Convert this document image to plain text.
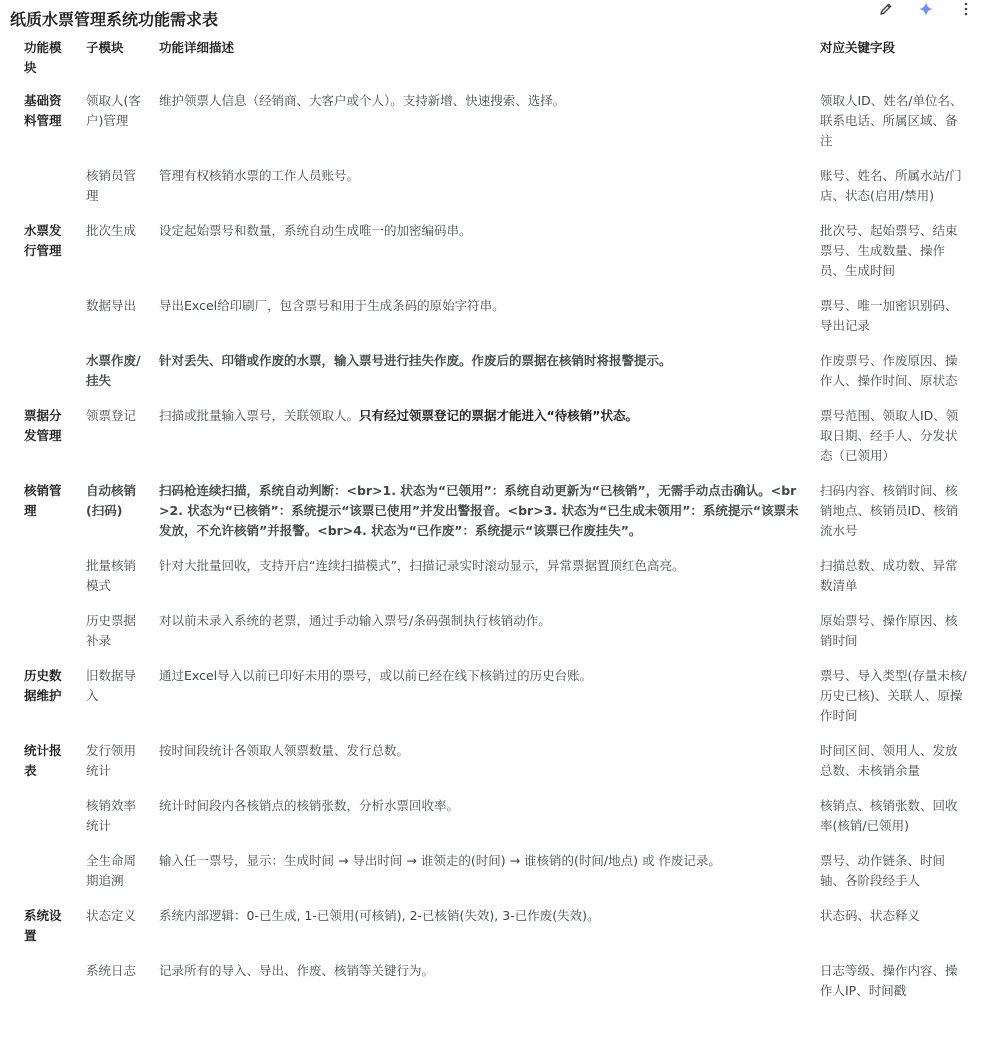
纸质水票管理系统功能需求表
功能模块	子模块	功能详细描述	对应关键字段
基础资料管理	领取人(客户)管理	维护领票人信息（经销商、大客户或个人）。支持新增、快速搜索、选择。	领取人ID、姓名/单位名、联系电话、所属区域、备注
	核销员管理	管理有权核销水票的工作人员账号。	账号、姓名、所属水站/门店、状态(启用/禁用)
水票发行管理	批次生成	设定起始票号和数量，系统自动生成唯一的加密编码串。	批次号、起始票号、结束票号、生成数量、操作员、生成时间
	数据导出	导出Excel给印刷厂，包含票号和用于生成条码的原始字符串。	票号、唯一加密识别码、导出记录
	水票作废/挂失	针对丢失、印错或作废的水票，输入票号进行挂失作废。作废后的票据在核销时将报警提示。	作废票号、作废原因、操作人、操作时间、原状态
票据分发管理	领票登记	扫描或批量输入票号，关联领取人。只有经过领票登记的票据才能进入“待核销”状态。	票号范围、领取人ID、领取日期、经手人、分发状态（已领用）
核销管理	自动核销(扫码)	扫码枪连续扫描，系统自动判断：<br>1. 状态为“已领用”：系统自动更新为“已核销”，无需手动点击确认。<br>2. 状态为“已核销”：系统提示“该票已使用”并发出警报音。<br>3. 状态为“已生成未领用”：系统提示“该票未发放，不允许核销”并报警。<br>4. 状态为“已作废”：系统提示“该票已作废挂失”。	扫码内容、核销时间、核销地点、核销员ID、核销流水号
	批量核销模式	针对大批量回收，支持开启“连续扫描模式”，扫描记录实时滚动显示，异常票据置顶红色高亮。	扫描总数、成功数、异常数清单
	历史票据补录	对以前未录入系统的老票，通过手动输入票号/条码强制执行核销动作。	原始票号、操作原因、核销时间
历史数据维护	旧数据导入	通过Excel导入以前已印好未用的票号，或以前已经在线下核销过的历史台账。	票号、导入类型(存量未核/历史已核)、关联人、原操作时间
统计报表	发行领用统计	按时间段统计各领取人领票数量、发行总数。	时间区间、领用人、发放总数、未核销余量
	核销效率统计	统计时间段内各核销点的核销张数，分析水票回收率。	核销点、核销张数、回收率(核销/已领用)
	全生命周期追溯	输入任一票号，显示：生成时间 → 导出时间 → 谁领走的(时间) → 谁核销的(时间/地点) 或 作废记录。	票号、动作链条、时间轴、各阶段经手人
系统设置	状态定义	系统内部逻辑：0-已生成, 1-已领用(可核销), 2-已核销(失效), 3-已作废(失效)。	状态码、状态释义
	系统日志	记录所有的导入、导出、作废、核销等关键行为。	日志等级、操作内容、操作人IP、时间戳
